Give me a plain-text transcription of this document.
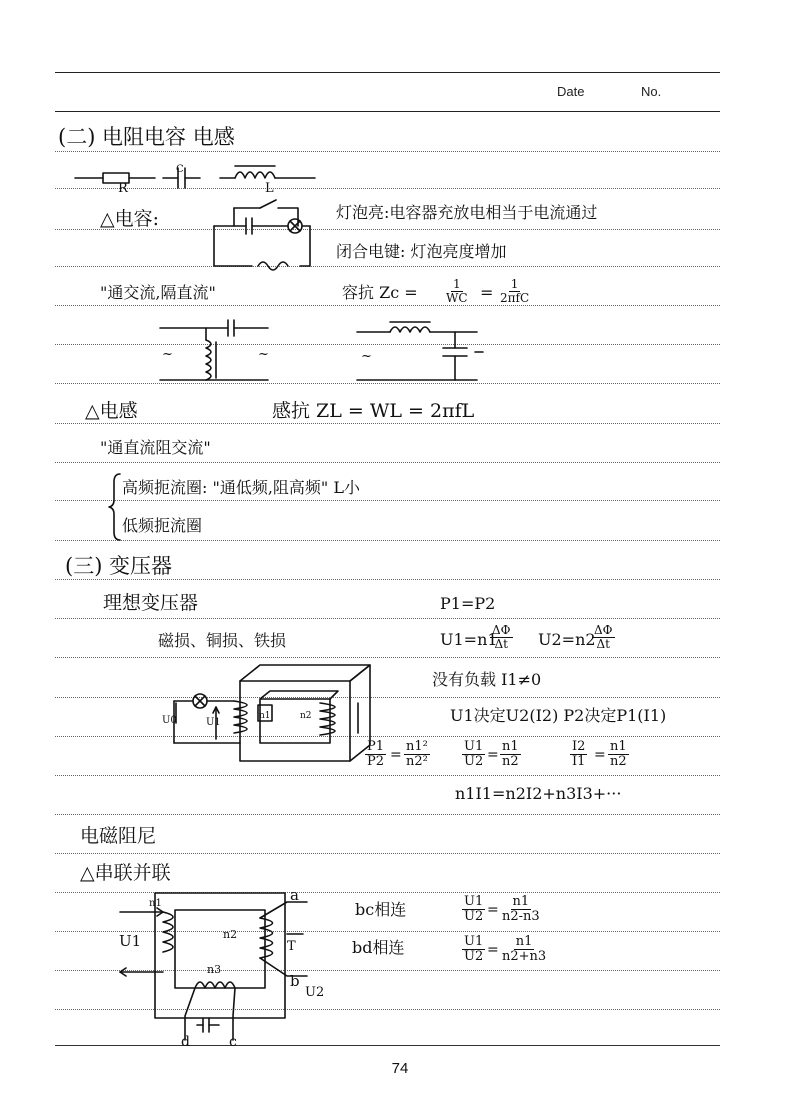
Date	No.
(二) 电阻电容 电感
R
C
L
△电容:	灯泡亮:电容器充放电相当于电流通过
闭合电键: 灯泡亮度增加
"通交流,隔直流"	容抗 $Zc = \frac{1}{WC} = 1$
2πfC
~	~	~
△电感	感抗 ZL = WL = 2πfL
"通直流阻交流"
高频扼流圈: "通低频,阻高频" L小
低频扼流圈
(三) 变压器
理想变压器	P1=P2
磁损、铜损、铁损	U1=n1
$\frac{\Delta\Phi}{\Delta t} U2=n2$
$\frac{\Delta\Phi}{\Delta t}$
没有负载 I1≠0
n1	n2
U0	U1	U1决定U2(I2) P2决定P1(I1)
$\frac{P1}{P2} = \frac{\text{n1²}}{\text{n2²}} \frac{U1}{U2} = \frac{n1}{n2}$	$\frac{I2}{I1} = \frac{n1}{n2}$
n1I1=n2I2+n3I3+···
电磁阻尼
△串联并联
U1
n1
n2
a
b
T
U2
n3
d	c
bc相连	$\frac{U1}{U2} = \frac{n1}{n2-n3}$
bd相连	$\frac{U1}{U2} = \frac{n1}{n2+n3}$
74
